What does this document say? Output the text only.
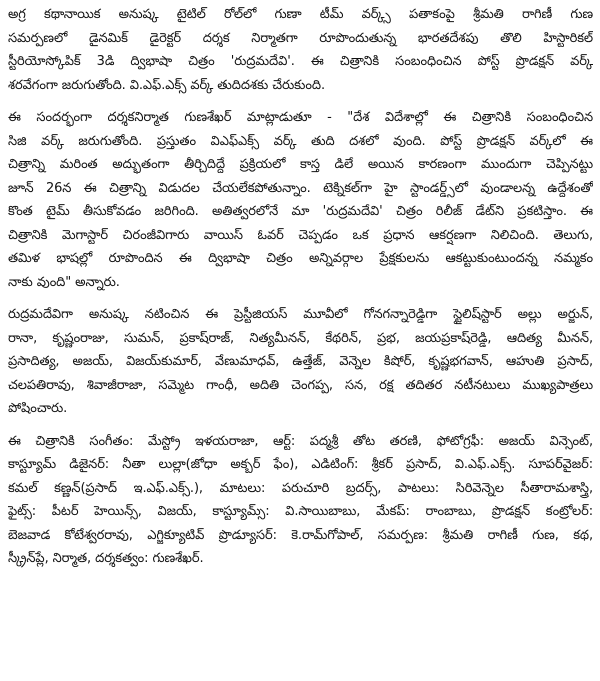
అగ్ర కథానాయిక అనుష్క టైటిల్ రోల్‌లో గుణా టీమ్ వర్క్స్ పతాకంపై శ్రీమతి రాగిణీ గుణ
సమర్పణలో డైనమిక్ డైరెక్టర్ దర్శక నిర్మాతగా రూపొందుతున్న భారతదేశపు తొలి హిస్టారికల్
స్టీరియోస్కోపిక్ 3డి ద్విభాషా చిత్రం 'రుద్రమదేవి'. ఈ చిత్రానికి సంబంధించిన పోస్ట్ ప్రొడక్షన్ వర్క్
శరవేగంగా జరుగుతోంది. వి.ఎఫ్.ఎక్స్ వర్క్ తుదిదశకు చేరుకుంది.
ఈ సందర్భంగా దర్శకనిర్మాత గుణశేఖర్ మాట్లాడుతూ - "దేశ విదేశాల్లో ఈ చిత్రానికి సంబంధించిన
సిజి వర్క్ జరుగుతోంది. ప్రస్తుతం విఎఫ్ఎక్స్ వర్క్ తుది దశలో వుంది. పోస్ట్ ప్రొడక్షన్ వర్క్‌లో ఈ
చిత్రాన్ని మరింత అద్భుతంగా తీర్చిదిద్దే ప్రక్రియలో కాస్త డిలే అయిన కారణంగా ముందుగా చెప్పినట్టు
జూన్ 26న ఈ చిత్రాన్ని విడుదల చేయలేకపోతున్నాం. టెక్నికల్‌గా హై స్టాండర్డ్స్‌లో వుండాలన్న ఉద్దేశంతో
కొంత టైమ్ తీసుకోవడం జరిగింది. అతిత్వరలోనే మా 'రుద్రమదేవి' చిత్రం రిలీజ్ డేట్‌ని ప్రకటిస్తాం. ఈ
చిత్రానికి మెగాస్టార్ చిరంజీవిగారు వాయిస్ ఓవర్ చెప్పడం ఒక ప్రధాన ఆకర్షణగా నిలిచింది. తెలుగు,
తమిళ భాషల్లో రూపొందిన ఈ ద్విభాషా చిత్రం అన్నివర్గాల ప్రేక్షకులను ఆకట్టుకుంటుందన్న నమ్మకం
నాకు వుంది" అన్నారు.
రుద్రమదేవిగా అనుష్క నటించిన ఈ ప్రెస్టీజియస్ మూవీలో గోనగన్నారెడ్డిగా స్టైలిష్‌స్టార్ అల్లు అర్జున్,
రానా, కృష్ణంరాజు, సుమన్, ప్రకాష్‌రాజ్, నిత్యమీనన్, కేథరిన్, ప్రభ, జయప్రకాష్‌రెడ్డి, ఆదిత్య మీనన్,
ప్రసాదిత్య, అజయ్, విజయ్‌కుమార్, వేణుమాధవ్, ఉత్తేజ్, వెన్నెల కిషోర్, కృష్ణభగవాన్, ఆహుతి ప్రసాద్,
చలపతిరావు, శివాజీరాజా, సమ్మెట గాంధీ, అదితి చెంగప్ప, సన, రక్ష తదితర నటీనటులు ముఖ్యపాత్రలు
పోషించారు.
ఈ చిత్రానికి సంగీతం: మేస్ట్రో ఇళయరాజా, ఆర్ట్: పద్మశ్రీ తోట తరణి, ఫోటోగ్రఫీ: అజయ్ విన్సెంట్,
కాస్ట్యూమ్ డిజైనర్: నీతా లుల్లా(జోధా అక్బర్ ఫేం), ఎడిటింగ్: శ్రీకర్ ప్రసాద్, వి.ఎఫ్.ఎక్స్. సూపర్‌వైజర్:
కమల్ కణ్ణన్(ప్రసాద్ ఇ.ఎఫ్.ఎక్స్.), మాటలు: పరుచూరి బ్రదర్స్, పాటలు: సిరివెన్నెల సీతారామశాస్త్రి,
ఫైట్స్: పీటర్ హెయిన్స్, విజయ్, కాస్ట్యూమ్స్: వి.సాయిబాబు, మేకప్: రాంబాబు, ప్రొడక్షన్ కంట్రోలర్:
బెజవాడ కోటేశ్వరరావు, ఎగ్జిక్యూటివ్ ప్రొడ్యూసర్: కె.రామ్‌గోపాల్, సమర్పణ: శ్రీమతి రాగిణీ గుణ, కథ,
స్క్రీన్‌ప్లే, నిర్మాత, దర్శకత్వం: గుణశేఖర్.
